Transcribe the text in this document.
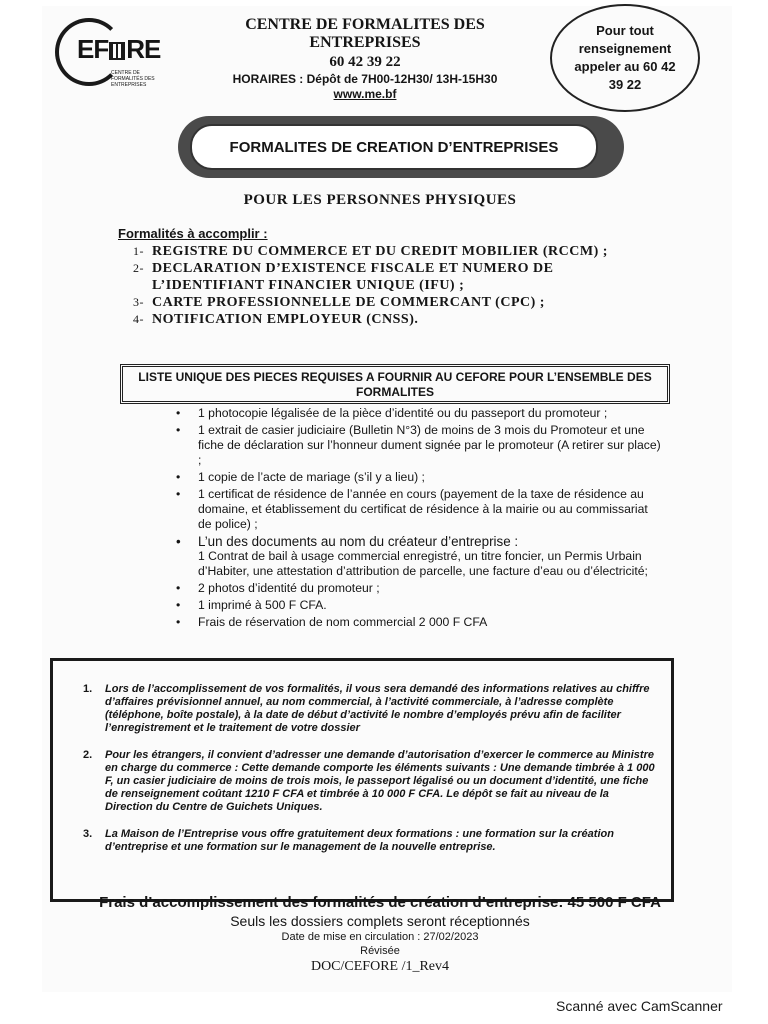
EF RE
CENTRE DE FORMALITÉS DES ENTREPRISES
CENTRE DE FORMALITES DES ENTREPRISES
60 42 39 22
HORAIRES : Dépôt de 7H00-12H30/ 13H-15H30
www.me.bf
Pour tout renseignement appeler au 60 42 39 22
FORMALITES DE CREATION D’ENTREPRISES
POUR LES PERSONNES PHYSIQUES
Formalités à accomplir :
1- REGISTRE DU COMMERCE ET DU CREDIT MOBILIER (RCCM) ;
2- DECLARATION D’EXISTENCE FISCALE ET NUMERO DE L’IDENTIFIANT FINANCIER UNIQUE (IFU) ;
3- CARTE PROFESSIONNELLE DE COMMERCANT (CPC) ;
4- NOTIFICATION EMPLOYEUR (CNSS).
LISTE UNIQUE DES PIECES REQUISES A FOURNIR AU CEFORE POUR L’ENSEMBLE DES FORMALITES
• 1 photocopie légalisée de la pièce d’identité ou du passeport du promoteur ;
• 1 extrait de casier judiciaire (Bulletin N°3) de moins de 3 mois du Promoteur et une fiche de déclaration sur l’honneur dument signée par le promoteur (A retirer sur place) ;
• 1 copie de l’acte de mariage (s’il y a lieu) ;
• 1 certificat de résidence de l’année en cours (payement de la taxe de résidence au domaine, et établissement du certificat de résidence à la mairie ou au commissariat de police) ;
• L’un des documents au nom du créateur d’entreprise :
1 Contrat de bail à usage commercial enregistré, un titre foncier, un Permis Urbain d’Habiter, une attestation d’attribution de parcelle, une facture d’eau ou d’électricité;
• 2 photos d’identité du promoteur ;
• 1 imprimé à 500 F CFA.
• Frais de réservation de nom commercial 2 000 F CFA
1.	Lors de l’accomplissement de vos formalités, il vous sera demandé des informations relatives au chiffre d’affaires prévisionnel annuel, au nom commercial, à l’activité commerciale, à l’adresse complète (téléphone, boîte postale), à la date de début d’activité le nombre d’employés prévu afin de faciliter l’enregistrement et le traitement de votre dossier
2.	Pour les étrangers, il convient d’adresser une demande d’autorisation d’exercer le commerce au Ministre en charge du commerce : Cette demande comporte les éléments suivants : Une demande timbrée à 1 000 F, un casier judiciaire de moins de trois mois, le passeport légalisé ou un document d’identité, une fiche de renseignement coûtant 1210 F CFA et timbrée à 10 000 F CFA. Le dépôt se fait au niveau de la Direction du Centre de Guichets Uniques.
3.	La Maison de l’Entreprise vous offre gratuitement deux formations : une formation sur la création d’entreprise et une formation sur le management de la nouvelle entreprise.
Frais d’accomplissement des formalités de création d’entreprise: 45 500 F CFA
Seuls les dossiers complets seront réceptionnés
Date de mise en circulation : 27/02/2023
Révisée
DOC/CEFORE /1_Rev4
Scanné avec CamScanner
